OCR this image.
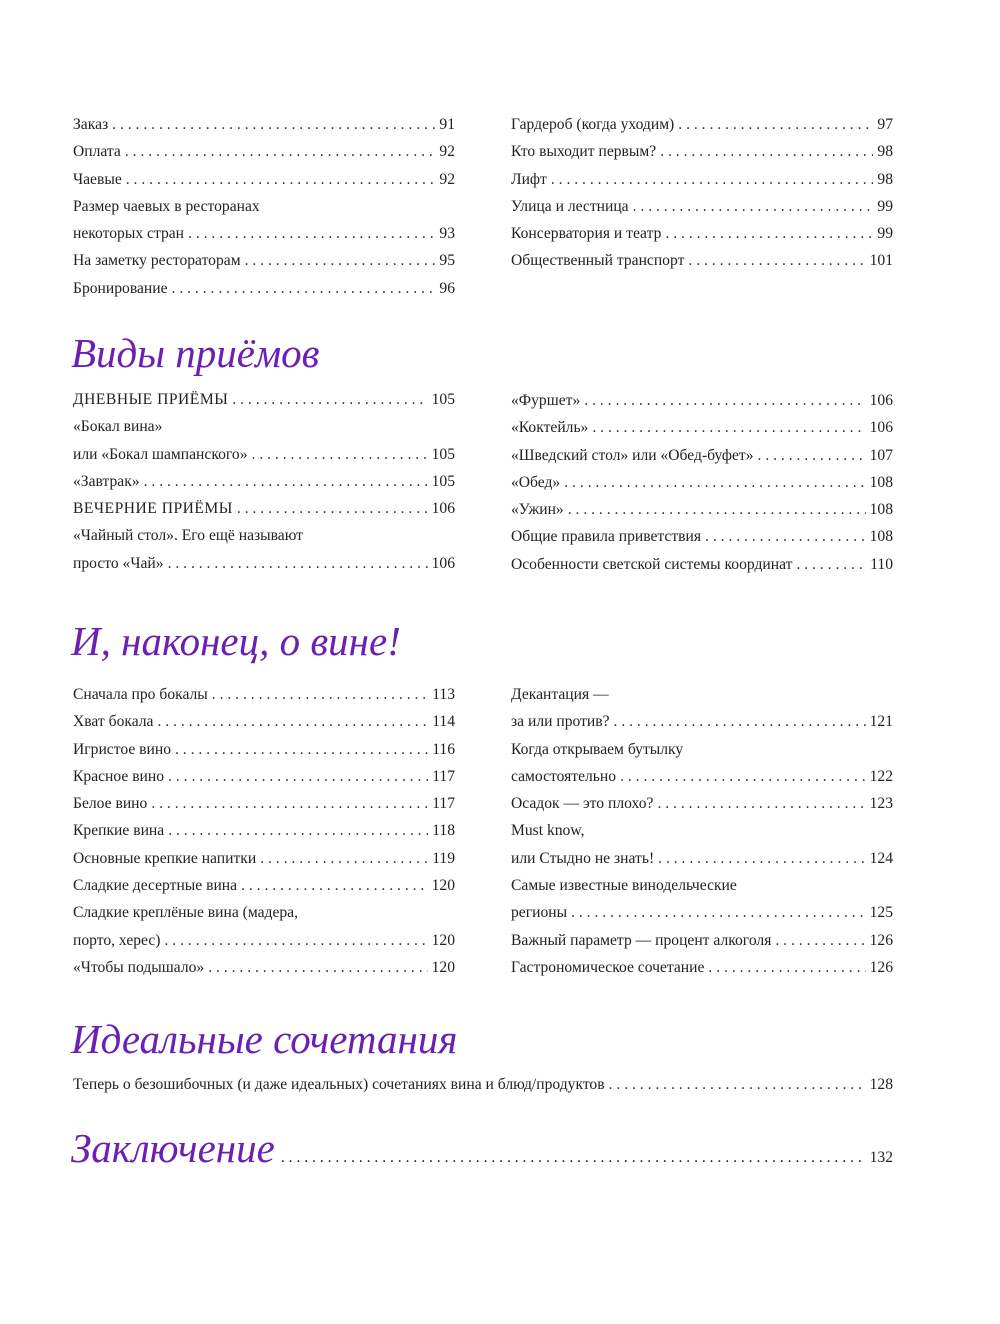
Заказ . . .	91
Оплата . . .	92
Чаевые . . .	92
Размер чаевых в ресторанах
некоторых стран . . .	93
На заметку рестораторам . . .	95
Бронирование . . .	96
Гардероб (когда уходим) . . .	97
Кто выходит первым? . . .	98
Лифт . . .	98
Улица и лестница . . .	99
Консерватория и театр . . .	99
Общественный транспорт . . .	101
Виды приёмов
ДНЕВНЫЕ ПРИЁМЫ . . .	105
«Бокал вина»
или «Бокал шампанского» . . .	105
«Завтрак» . . .	105
ВЕЧЕРНИЕ ПРИЁМЫ . . .	106
«Чайный стол». Его ещё называют
просто «Чай» . . .	106
«Фуршет» . . .	106
«Коктейль» . . .	106
«Шведский стол» или «Обед-буфет» . . .	107
«Обед» . . .	108
«Ужин» . . .	108
Общие правила приветствия . . .	108
Особенности светской системы координат . . .	110
И, наконец, о вине!
Сначала про бокалы . . .	113
Хват бокала . . .	114
Игристое вино . . .	116
Красное вино . . .	117
Белое вино . . .	117
Крепкие вина . . .	118
Основные крепкие напитки . . .	119
Сладкие десертные вина . . .	120
Сладкие креплёные вина (мадера,
порто, херес) . . .	120
«Чтобы подышало» . . .	120
Декантация —
за или против? . . .	121
Когда открываем бутылку
самостоятельно . . .	122
Осадок — это плохо? . . .	123
Must know,
или Стыдно не знать! . . .	124
Самые известные винодельческие
регионы . . .	125
Важный параметр — процент алкоголя . . .	126
Гастрономическое сочетание . . .	126
Идеальные сочетания
Теперь о безошибочных (и даже идеальных) сочетаниях вина и блюд/продуктов . . .	128
Заключение . . .	132
